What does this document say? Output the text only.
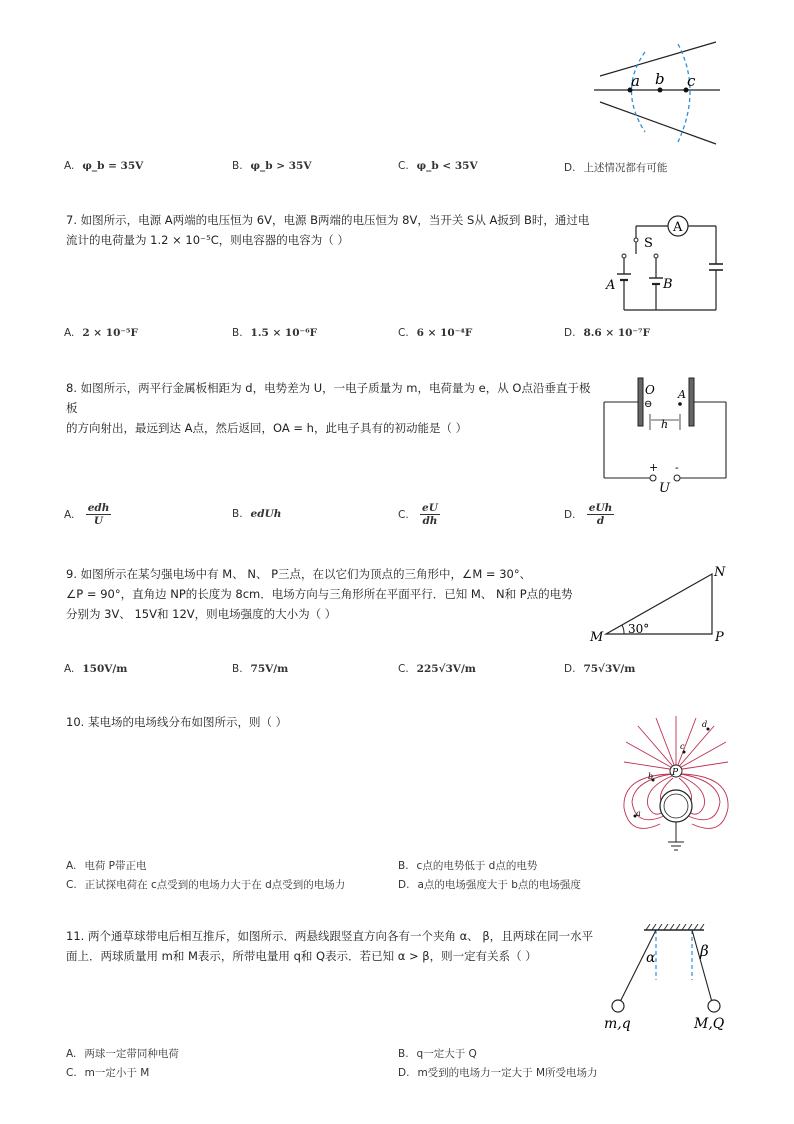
a b c
A. φ_b = 35V	B. φ_b > 35V	C. φ_b < 35V	D. 上述情况都有可能
7. 如图所示，电源 A两端的电压恒为 6V，电源 B两端的电压恒为 8V，当开关 S从 A扳到 B时，通过电
流计的电荷量为 1.2 × 10⁻⁵C，则电容器的电容为（ ）
A
S
A	B
A. 2 × 10⁻⁵F	B. 1.5 × 10⁻⁶F	C. 6 × 10⁻⁴F	D. 8.6 × 10⁻⁷F
8. 如图所示，两平行金属板相距为 d，电势差为 U，一电子质量为 m，电荷量为 e，从 O点沿垂直于极板
的方向射出，最远到达 A点，然后返回，OA = h，此电子具有的初动能是（ ）
+ -
U
O
⊖
A
h
A. $\frac{\text{edh}}{U}$	B. edUh	C. $\frac{eU}{dh}$	D. $\frac{\text{eUh}}{d}$
9. 如图所示在某匀强电场中有 M、 N、 P三点，在以它们为顶点的三角形中，∠M = 30°、
∠P = 90°，直角边 NP的长度为 8cm．电场方向与三角形所在平面平行．已知 M、 N和 P点的电势
分别为 3V、 15V和 12V，则电场强度的大小为（ ）
M
N
P
30°
A. 150V/m	B. 75V/m	C. 225√3V/m	D. 75√3V/m
10. 某电场的电场线分布如图所示，则（ ）
P
d
c
b
a
A. 电荷 P带正电	B. c点的电势低于 d点的电势
C. 正试探电荷在 c点受到的电场力大于在 d点受到的电场力	D. a点的电场强度大于 b点的电场强度
11. 两个通草球带电后相互推斥，如图所示．两悬线跟竖直方向各有一个夹角 α、 β，且两球在同一水平
面上．两球质量用 m和 M表示，所带电量用 q和 Q表示．若已知 α > β，则一定有关系（ ）	α	β
m,q	M,Q
A. 两球一定带同种电荷	B. q一定大于 Q
C. m一定小于 M	D. m受到的电场力一定大于 M所受电场力
